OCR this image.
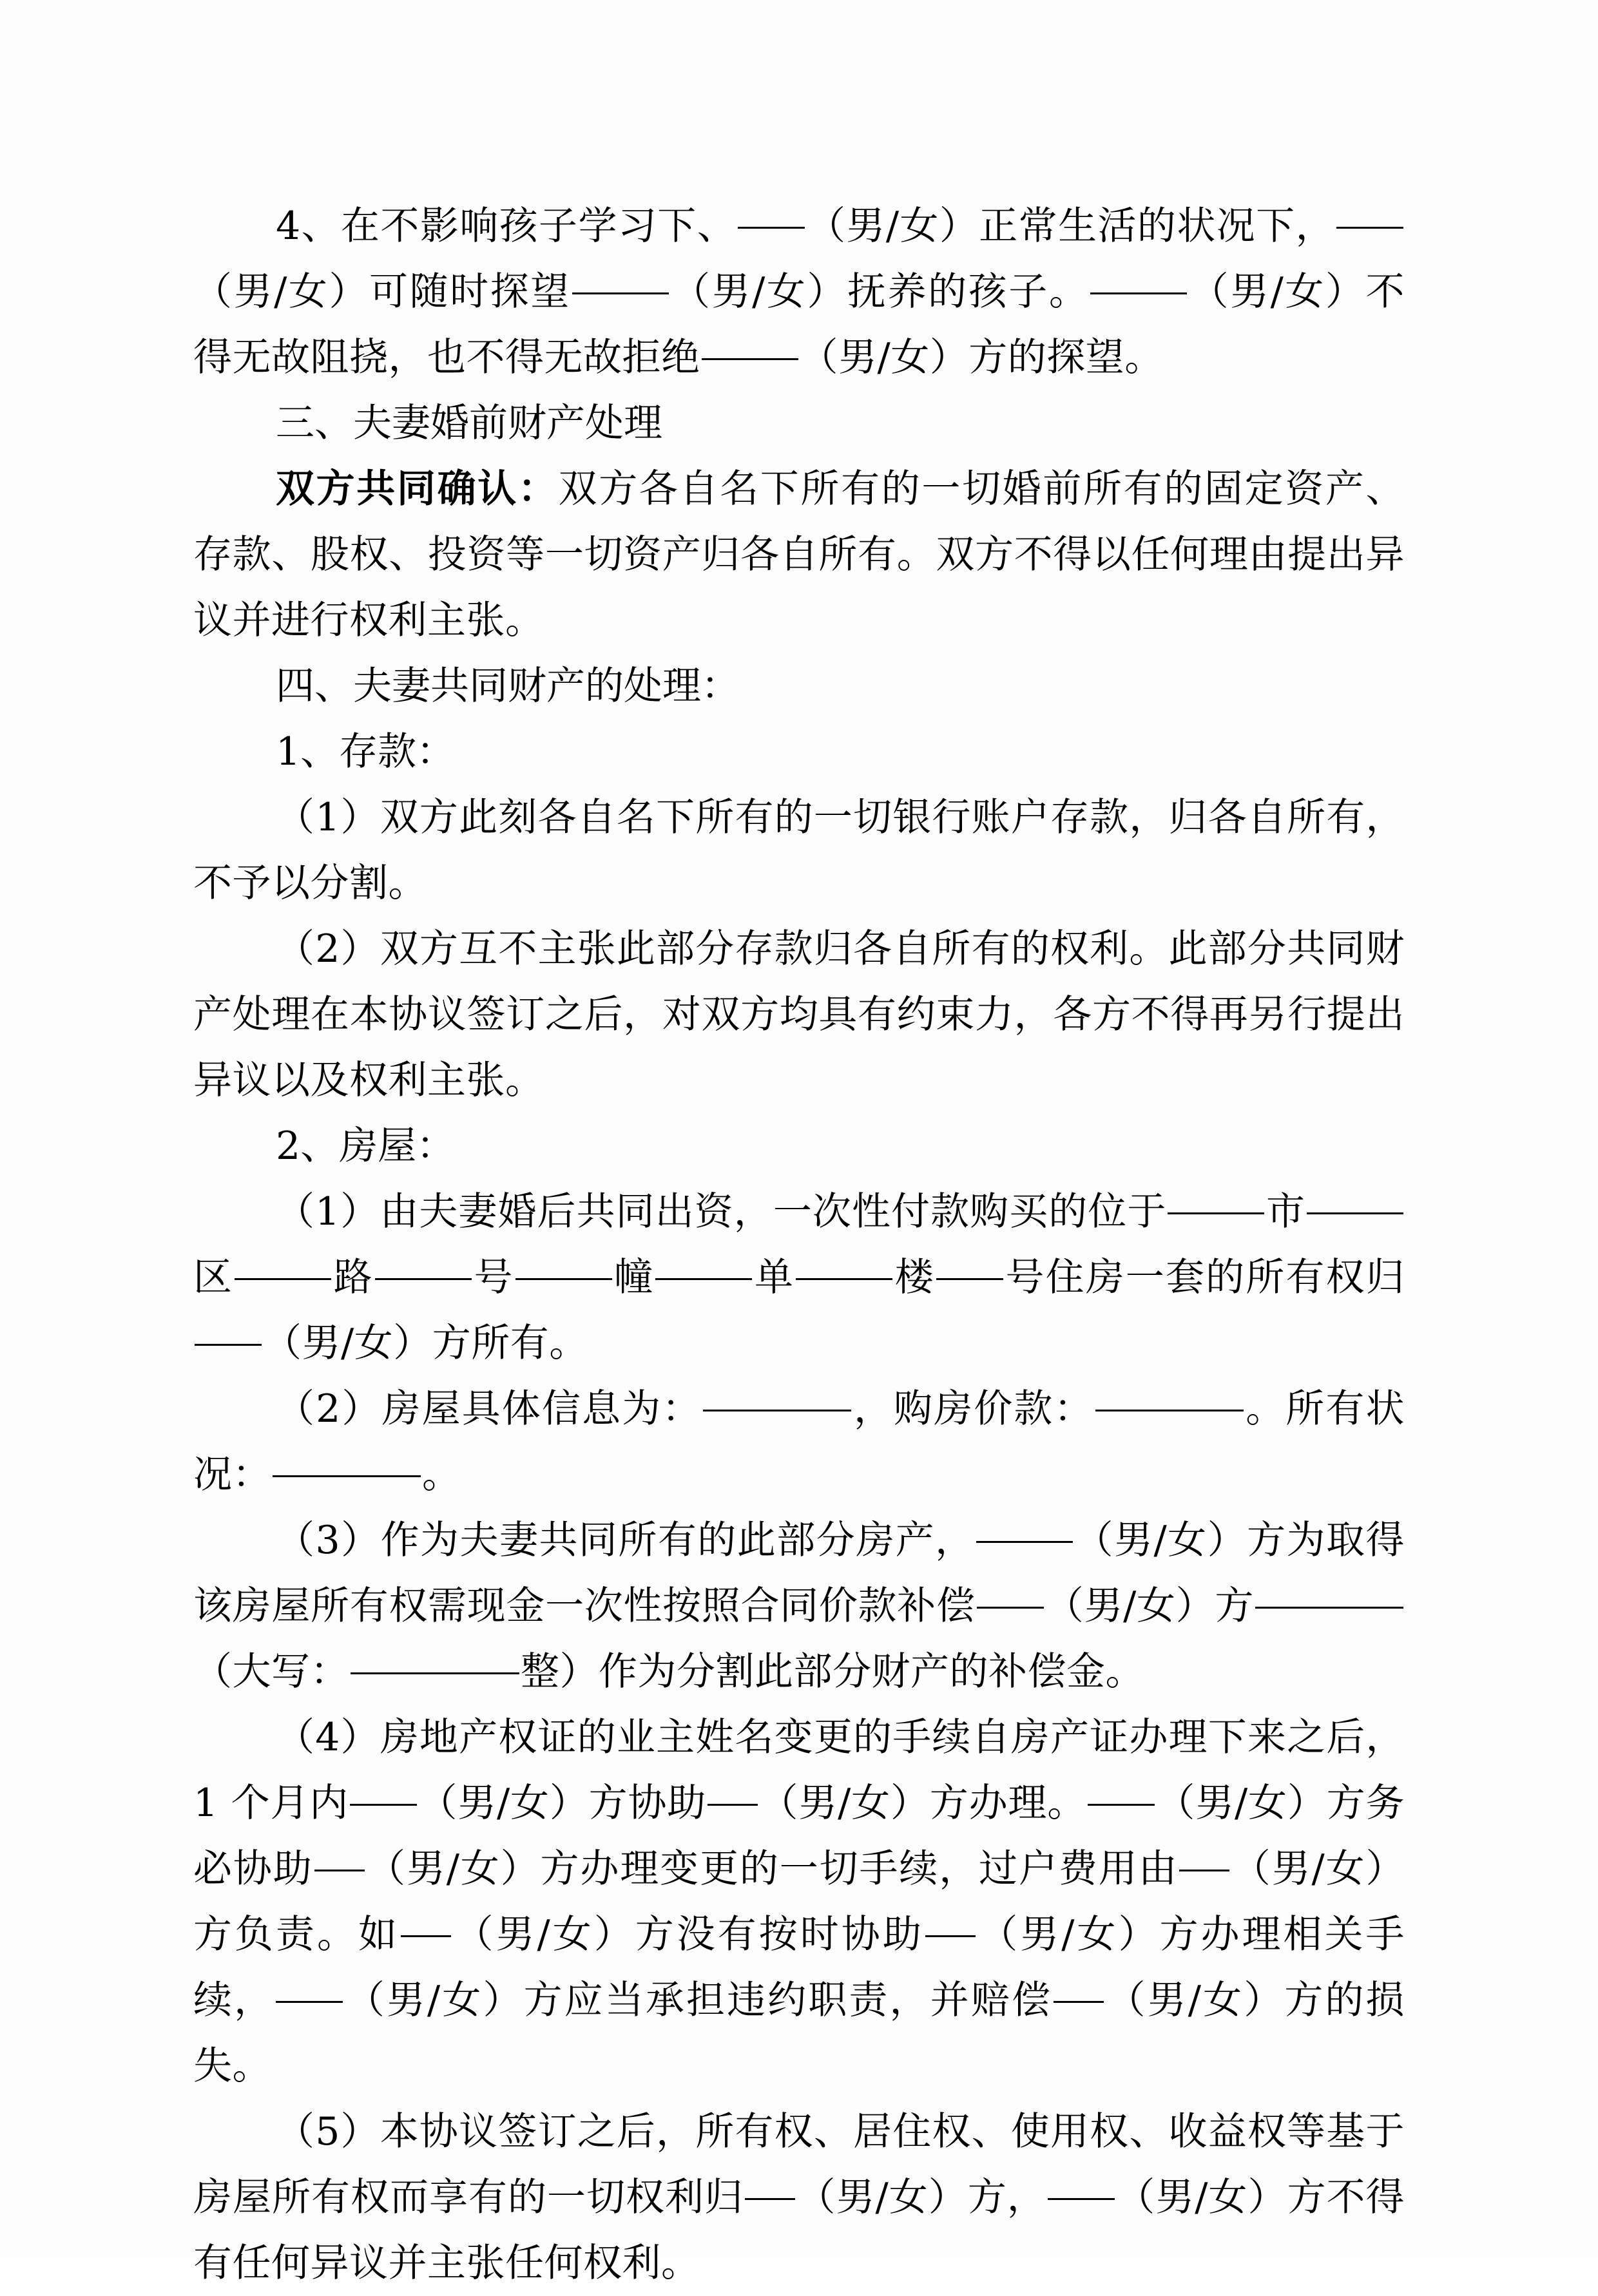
4、在不影响孩子学习下、 （男/女）正常生活的状况下， （男/女）可随时探望	（男/女）抚养的孩子。	（男/女）不得无故阻挠，也不得无故拒绝	（男/女）方的探望。

三、夫妻婚前财产处理

双方共同确认：双方各自名下所有的一切婚前所有的固定资产、存款、股权、投资等一切资产归各自所有。双方不得以任何理由提出异议并进行权利主张。

四、夫妻共同财产的处理：

1、存款：

（1）双方此刻各自名下所有的一切银行账户存款，归各自所有，不予以分割。

（2）双方互不主张此部分存款归各自所有的权利。此部分共同财产处理在本协议签订之后，对双方均具有约束力，各方不得再另行提出异议以及权利主张。

2、房屋：

（1）由夫妻婚后共同出资，一次性付款购买的位于	市 区	路	号	幢	单	楼 号住房一套的所有权归 （男/女）方所有。

（2）房屋具体信息为：	，购房价款：	。所有状况：	。

（3）作为夫妻共同所有的此部分房产，	（男/女）方为取得该房屋所有权需现金一次性按照合同价款补偿 （男/女）方 （大写：	整）作为分割此部分财产的补偿金。

（4）房地产权证的业主姓名变更的手续自房产证办理下来之后，1 个月内 （男/女）方协助 （男/女）方办理。 （男/女）方务必协助 （男/女）方办理变更的一切手续，过户费用由 （男/女）方负责。如 （男/女）方没有按时协助 （男/女）方办理相关手续， （男/女）方应当承担违约职责，并赔偿 （男/女）方的损失。

（5）本协议签订之后，所有权、居住权、使用权、收益权等基于房屋所有权而享有的一切权利归 （男/女）方， （男/女）方不得有任何异议并主张任何权利。
